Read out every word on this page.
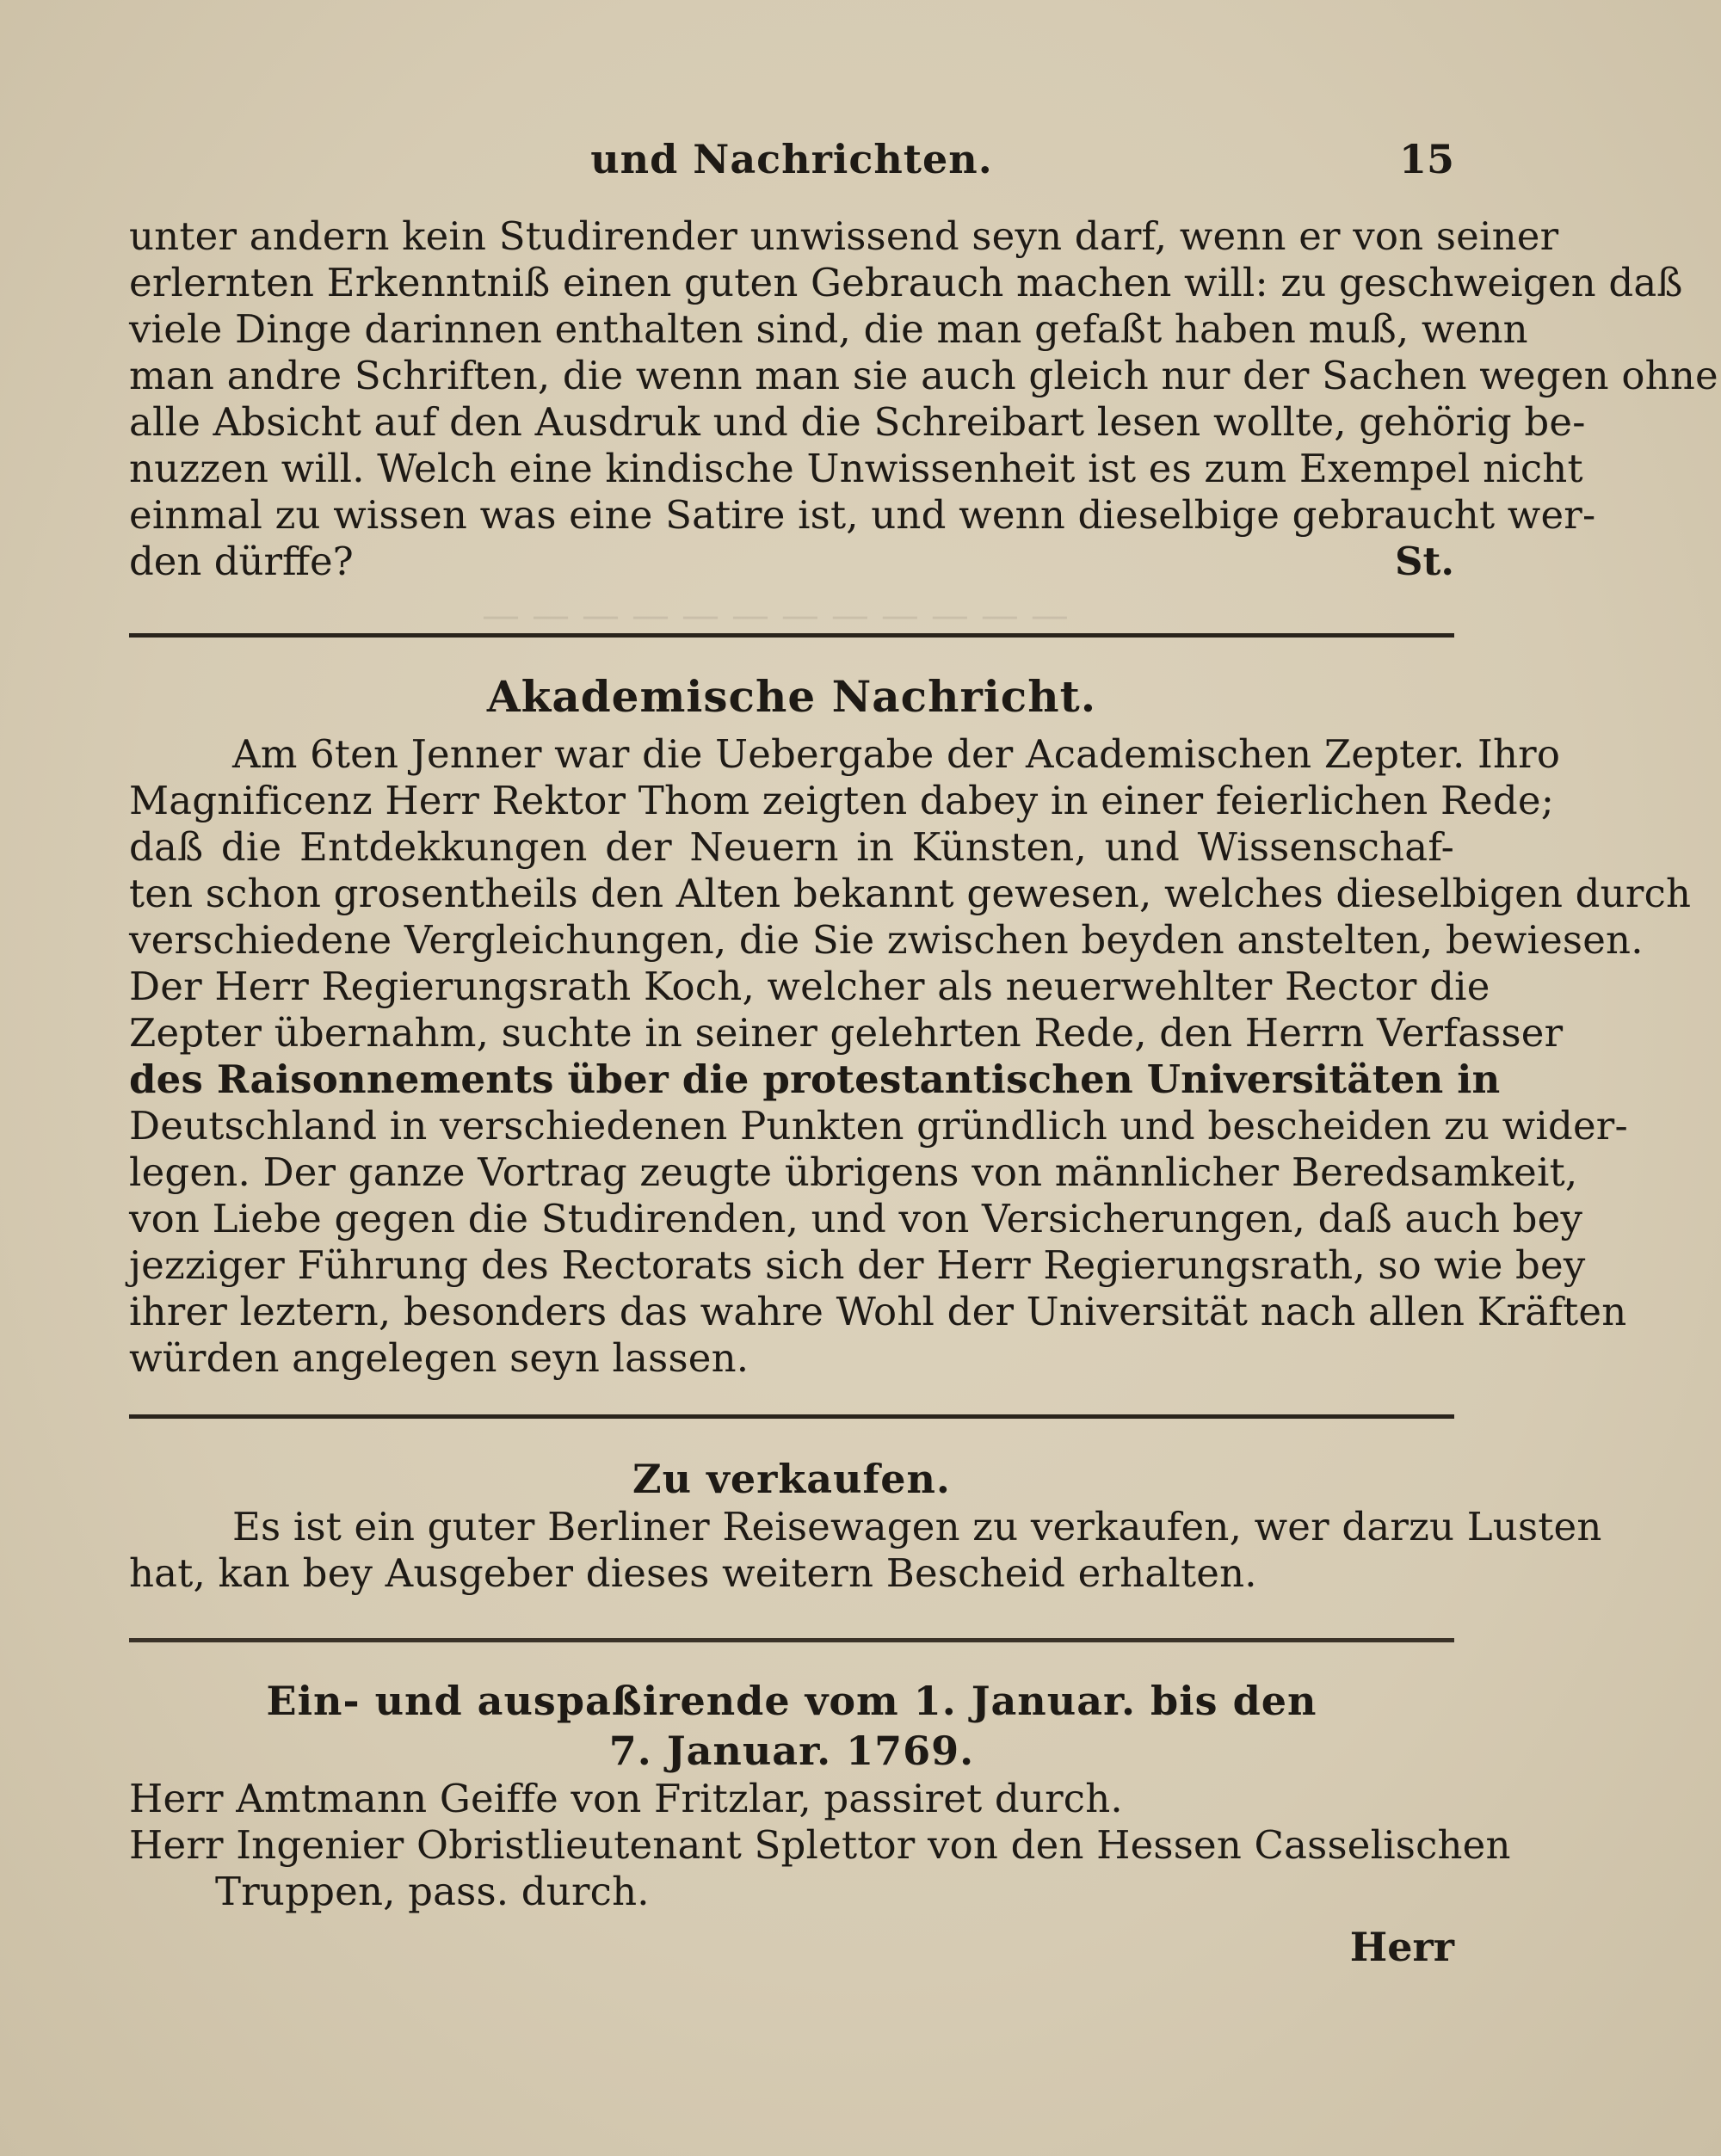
— — — — — — — — — — — —
und Nachrichten.	15
unter andern kein Studirender unwissend seyn darf, wenn er von seiner
erlernten Erkenntniß einen guten Gebrauch machen will: zu geschweigen daß
viele Dinge darinnen enthalten sind, die man gefaßt haben muß, wenn
man andre Schriften, die wenn man sie auch gleich nur der Sachen wegen ohne
alle Absicht auf den Ausdruk und die Schreibart lesen wollte, gehörig be-
nuzzen will. Welch eine kindische Unwissenheit ist es zum Exempel nicht
einmal zu wissen was eine Satire ist, und wenn dieselbige gebraucht wer-
den dürffe?	St.
Akademische Nachricht.
Am 6ten Jenner war die Uebergabe der Academischen Zepter. Ihro
Magnificenz Herr Rektor Thom zeigten dabey in einer feierlichen Rede;
daß die Entdekkungen der Neuern in Künsten, und Wissenschaf-
ten schon grosentheils den Alten bekannt gewesen, welches dieselbigen durch
verschiedene Vergleichungen, die Sie zwischen beyden anstelten, bewiesen.
Der Herr Regierungsrath Koch, welcher als neuerwehlter Rector die
Zepter übernahm, suchte in seiner gelehrten Rede, den Herrn Verfasser
des Raisonnements über die protestantischen Universitäten in
Deutschland in verschiedenen Punkten gründlich und bescheiden zu wider-
legen. Der ganze Vortrag zeugte übrigens von männlicher Beredsamkeit,
von Liebe gegen die Studirenden, und von Versicherungen, daß auch bey
jezziger Führung des Rectorats sich der Herr Regierungsrath, so wie bey
ihrer leztern, besonders das wahre Wohl der Universität nach allen Kräften
würden angelegen seyn lassen.
Zu verkaufen.
Es ist ein guter Berliner Reisewagen zu verkaufen, wer darzu Lusten
hat, kan bey Ausgeber dieses weitern Bescheid erhalten.
Ein- und auspaßirende vom 1. Januar. bis den
7. Januar. 1769.
Herr Amtmann Geiffe von Fritzlar, passiret durch.
Herr Ingenier Obristlieutenant Splettor von den Hessen Casselischen
Truppen, pass. durch.
Herr
